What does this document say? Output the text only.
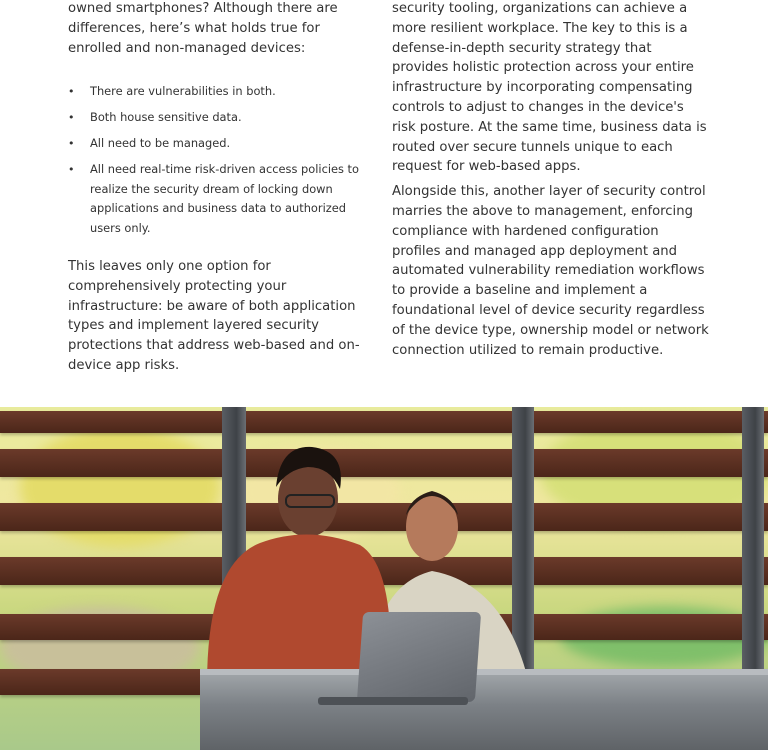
owned smartphones? Although there are differences, here’s what holds true for enrolled and non-managed devices:

• There are vulnerabilities in both.
• Both house sensitive data.
• All need to be managed.
• All need real-time risk-driven access policies to realize the security dream of locking down applications and business data to authorized users only.

This leaves only one option for comprehensively protecting your infrastructure: be aware of both application types and implement layered security protections that address web-based and on-device app risks.

security tooling, organizations can achieve a more resilient workplace. The key to this is a defense-in-depth security strategy that provides holistic protection across your entire infrastructure by incorporating compensating controls to adjust to changes in the device's risk posture. At the same time, business data is routed over secure tunnels unique to each request for web-based apps.

Alongside this, another layer of security control marries the above to management, enforcing compliance with hardened configuration profiles and managed app deployment and automated vulnerability remediation workflows to provide a baseline and implement a foundational level of device security regardless of the device type, ownership model or network connection utilized to remain productive.
